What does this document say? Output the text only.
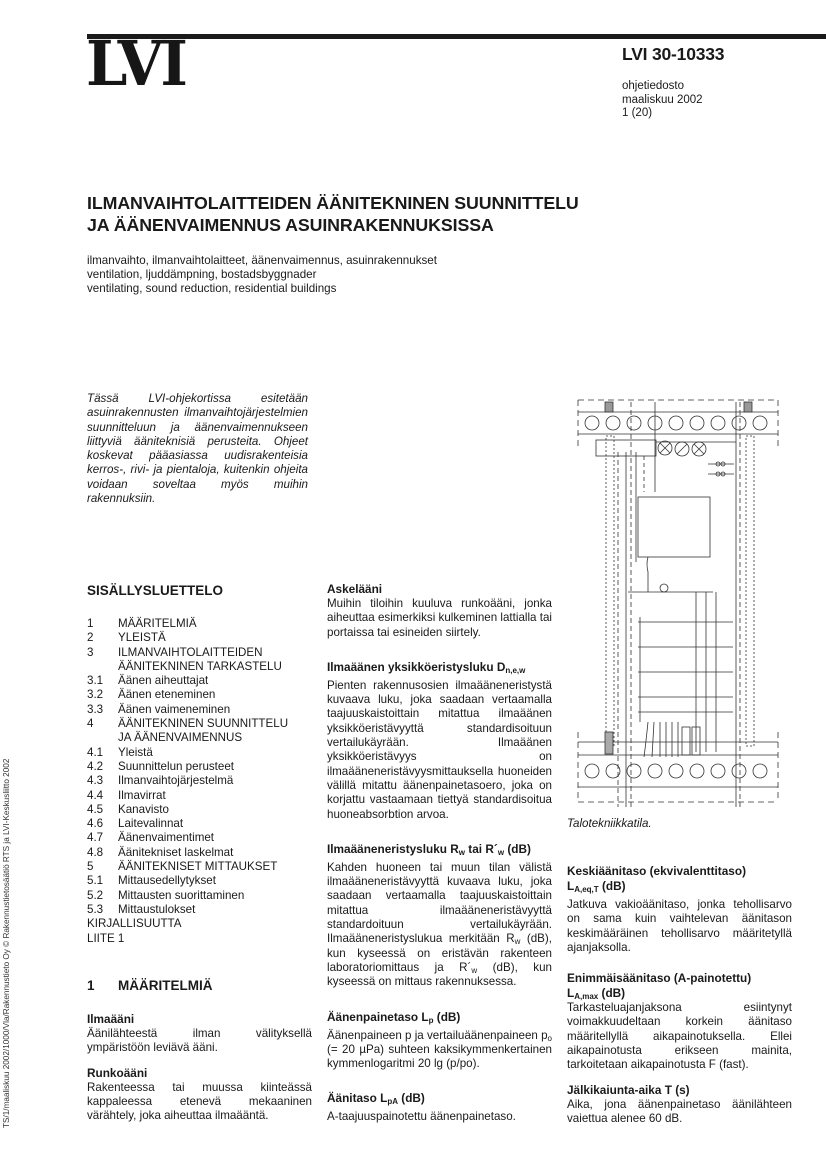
LVI	LVI 30-10333
ohjetiedosto
maaliskuu 2002
1 (20)
ILMANVAIHTOLAITTEIDEN ÄÄNITEKNINEN SUUNNITTELU
JA ÄÄNENVAIMENNUS ASUINRAKENNUKSISSA
ilmanvaihto, ilmanvaihtolaitteet, äänenvaimennus, asuinrakennukset
ventilation, ljuddämpning, bostadsbyggnader
ventilating, sound reduction, residential buildings
Tässä LVI-ohjekortissa esitetään asuinrakennusten ilmanvaihtojärjestelmien suunnitteluun ja äänenvaimennukseen liittyviä ääniteknisiä perusteita. Ohjeet koskevat pääasiassa uudisrakenteisia kerros-, rivi- ja pientaloja, kuitenkin ohjeita voidaan soveltaa myös muihin rakennuksiin.
SISÄLLYSLUETTELO
1	MÄÄRITELMIÄ
2	YLEISTÄ
3	ILMANVAIHTOLAITTEIDEN
ÄÄNITEKNINEN TARKASTELU
3.1	Äänen aiheuttajat
3.2	Äänen eteneminen
3.3	Äänen vaimeneminen
4	ÄÄNITEKNINEN SUUNNITTELU
JA ÄÄNENVAIMENNUS
4.1	Yleistä
4.2	Suunnittelun perusteet
4.3	Ilmanvaihtojärjestelmä
4.4	Ilmavirrat
4.5	Kanavisto
4.6	Laitevalinnat
4.7	Äänenvaimentimet
4.8	Äänitekniset laskelmat
5	ÄÄNITEKNISET MITTAUKSET
5.1	Mittausedellytykset
5.2	Mittausten suorittaminen
5.3	Mittaustulokset
KIRJALLISUUTTA
LIITE 1
1 MÄÄRITELMIÄ
Ilmaääni

Äänilähteestä ilman välityksellä ympäristöön leviävä ääni.

Runkoääni

Rakenteessa tai muussa kiinteässä kappaleessa etenevä mekaaninen värähtely, joka aiheuttaa ilmaääntä.

Askelääni

Muihin tiloihin kuuluva runkoääni, jonka aiheuttaa esimerkiksi kulkeminen lattialla tai portaissa tai esineiden siirtely.

Ilmaäänen yksikköeristysluku $D_{n,e,w}$

Pienten rakennusosien ilmaääneneristystä kuvaava luku, joka saadaan vertaamalla taajuuskaistoittain mitattua ilmaäänen yksikköeristävyyttä standardisoituun vertailukäyrään. Ilmaäänen yksikköeristävyys on ilmaääneneristävyysmittauksella huoneiden välillä mitattu äänenpainetasoero, joka on korjattu vastaamaan tiettyä standardisoitua huoneabsorbtion arvoa.

Ilmaääneneristysluku $R_w$ tai $R´_w$ (dB)

Kahden huoneen tai muun tilan välistä ilmaääneneristävyyttä kuvaava luku, joka saadaan vertaamalla taajuuskaistoittain mitattua ilmaääneneristävyyttä standardoituun vertailukäyrään. Ilmaääneneristyslukua merkitään $R_w$ (dB), kun kyseessä on eristävän rakenteen laboratoriomittaus ja $R´_w$ (dB), kun kyseessä on mittaus rakennuksessa.

Äänenpainetaso $L_p$ (dB)

Äänenpaineen p ja vertailuäänenpaineen $p_o$ (= 20 µPa) suhteen kaksikymmenkertainen kymmenlogaritmi 20 lg (p/po).

Äänitaso $L_{pA}$ (dB)

A-taajuuspainotettu äänenpainetaso.

Keskiäänitaso (ekvivalenttitaso)
$L_{A,eq,T}$ (dB)

Jatkuva vakioäänitaso, jonka tehollisarvo on sama kuin vaihtelevan äänitason keskimääräinen tehollisarvo määritetyllä ajanjaksolla.

Enimmäisäänitaso (A-painotettu)
$L_{A,max}$ (dB)

Tarkasteluajanjaksona esiintynyt voimakkuudeltaan korkein äänitaso määritellyllä aikapainotuksella. Ellei aikapainotusta erikseen mainita, tarkoitetaan aikapainotusta F (fast).

Jälkikaiunta-aika T (s)

Aika, jona äänenpainetaso äänilähteen vaiettua alenee 60 dB.

Talotekniikkatila.
TS/1/maaliskuu 2002/1000/Vla/Rakennustieto Oy © Rakennustietosäätiö RTS ja LVI-Keskusliitto 2002
